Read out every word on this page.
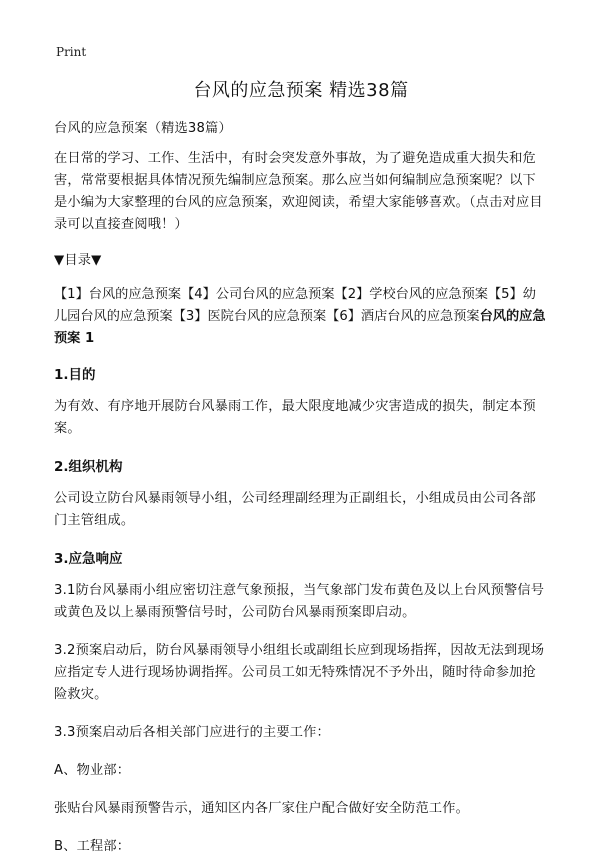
Print
台风的应急预案 精选38篇
台风的应急预案（精选38篇）
在日常的学习、工作、生活中，有时会突发意外事故，为了避免造成重大损失和危害，常常要根据具体情况预先编制应急预案。那么应当如何编制应急预案呢？以下是小编为大家整理的台风的应急预案，欢迎阅读，希望大家能够喜欢。（点击对应目录可以直接查阅哦！）
▼目录▼
【1】台风的应急预案【4】公司台风的应急预案【2】学校台风的应急预案【5】幼儿园台风的应急预案【3】医院台风的应急预案【6】酒店台风的应急预案台风的应急预案 1
1.目的
为有效、有序地开展防台风暴雨工作，最大限度地减少灾害造成的损失，制定本预案。
2.组织机构
公司设立防台风暴雨领导小组，公司经理副经理为正副组长，小组成员由公司各部门主管组成。
3.应急响应
3.1防台风暴雨小组应密切注意气象预报，当气象部门发布黄色及以上台风预警信号或黄色及以上暴雨预警信号时，公司防台风暴雨预案即启动。
3.2预案启动后，防台风暴雨领导小组组长或副组长应到现场指挥，因故无法到现场应指定专人进行现场协调指挥。公司员工如无特殊情况不予外出，随时待命参加抢险救灾。
3.3预案启动后各相关部门应进行的主要工作：
A、物业部：
张贴台风暴雨预警告示，通知区内各厂家住户配合做好安全防范工作。
B、工程部：
